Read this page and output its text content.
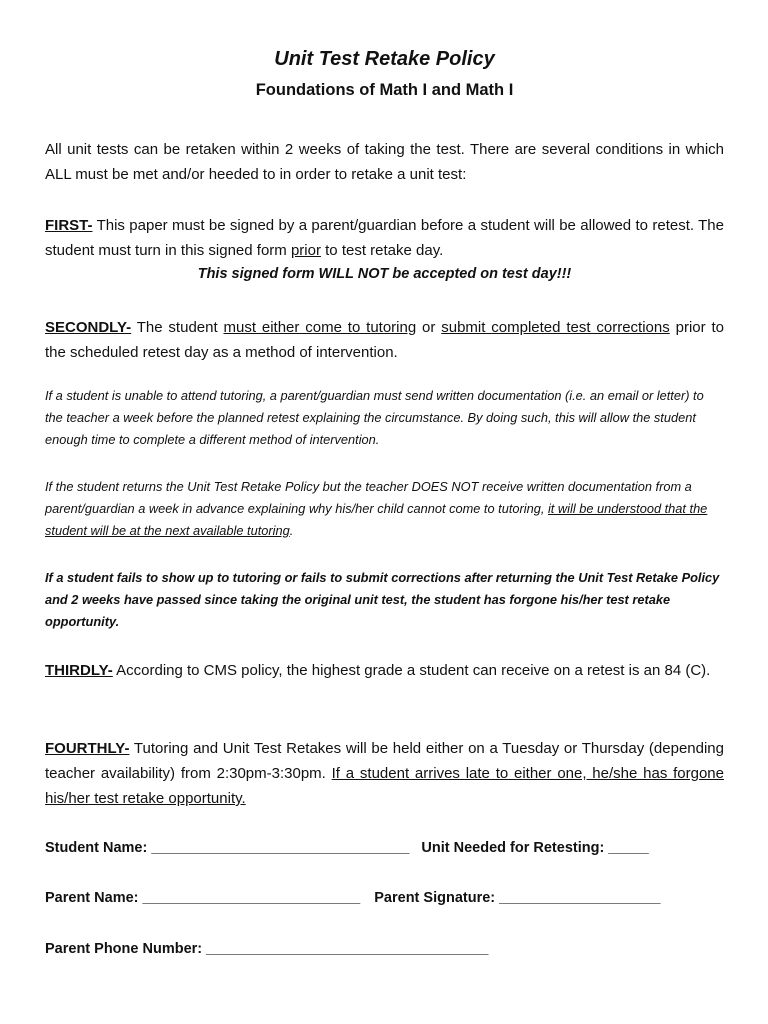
Unit Test Retake Policy
Foundations of Math I and Math I

All unit tests can be retaken within 2 weeks of taking the test. There are several conditions in which ALL must be met and/or heeded to in order to retake a unit test:

FIRST- This paper must be signed by a parent/guardian before a student will be allowed to retest. The student must turn in this signed form prior to test retake day.

This signed form WILL NOT be accepted on test day!!!

SECONDLY- The student must either come to tutoring or submit completed test corrections prior to the scheduled retest day as a method of intervention.

If a student is unable to attend tutoring, a parent/guardian must send written documentation (i.e. an email or letter) to the teacher a week before the planned retest explaining the circumstance. By doing such, this will allow the student enough time to complete a different method of intervention.

If the student returns the Unit Test Retake Policy but the teacher DOES NOT receive written documentation from a parent/guardian a week in advance explaining why his/her child cannot come to tutoring, it will be understood that the student will be at the next available tutoring.

If a student fails to show up to tutoring or fails to submit corrections after returning the Unit Test Retake Policy and 2 weeks have passed since taking the original unit test, the student has forgone his/her test retake opportunity.

THIRDLY- According to CMS policy, the highest grade a student can receive on a retest is an 84 (C).

FOURTHLY- Tutoring and Unit Test Retakes will be held either on a Tuesday or Thursday (depending teacher availability) from 2:30pm-3:30pm. If a student arrives late to either one, he/she has forgone his/her test retake opportunity.

Student Name: ________________________________ Unit Needed for Retesting: _____
Parent Name: ___________________________ Parent Signature: ____________________
Parent Phone Number: ___________________________________
